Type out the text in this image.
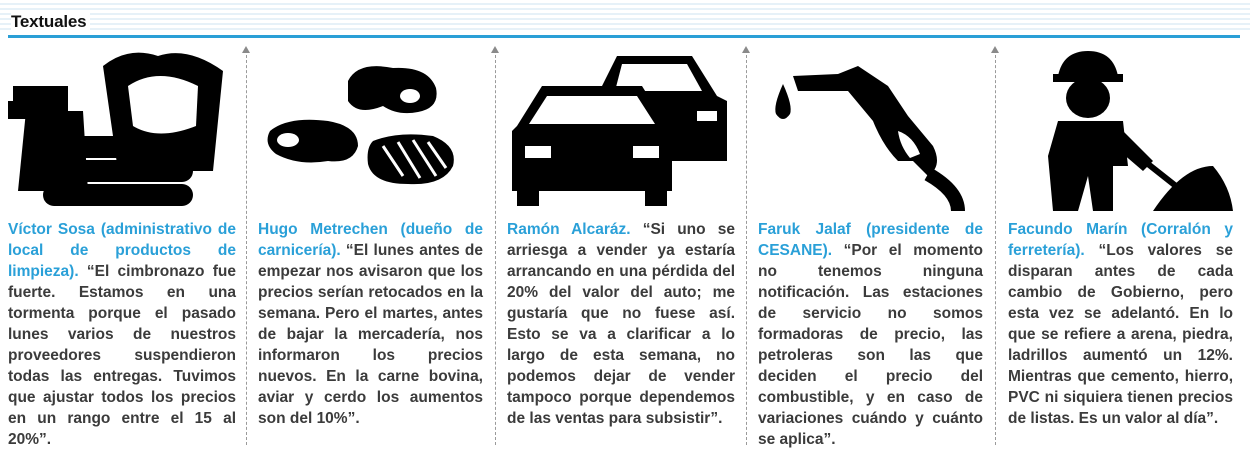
Textuales
Víctor Sosa (administrativo de local de productos de limpieza). “El cimbronazo fue fuerte. Estamos en una tormenta porque el pasado lunes varios de nuestros proveedores suspendieron todas las entregas. Tuvimos que ajustar todos los precios en un rango entre el 15 al 20%”.
Hugo Metrechen (dueño de carnicería). “El lunes antes de empezar nos avisaron que los precios serían retocados en la semana. Pero el martes, antes de bajar la mercadería, nos informaron los precios nuevos. En la carne bovina, aviar y cerdo los aumentos son del 10%”.
Ramón Alcaráz. “Si uno se arriesga a vender ya estaría arrancando en una pérdida del 20% del valor del auto; me gustaría que no fuese así. Esto se va a clarificar a lo largo de esta semana, no podemos dejar de vender tampoco porque dependemos de las ventas para subsistir”.
Faruk Jalaf (presidente de CESANE). “Por el momento no tenemos ninguna notificación. Las estaciones de servicio no somos formadoras de precio, las petroleras son las que deciden el precio del combustible, y en caso de variaciones cuándo y cuánto se aplica”.
Facundo Marín (Corralón y ferretería). “Los valores se disparan antes de cada cambio de Gobierno, pero esta vez se adelantó. En lo que se refiere a arena, piedra, ladrillos aumentó un 12%. Mientras que cemento, hierro, PVC ni siquiera tienen precios de listas. Es un valor al día”.
